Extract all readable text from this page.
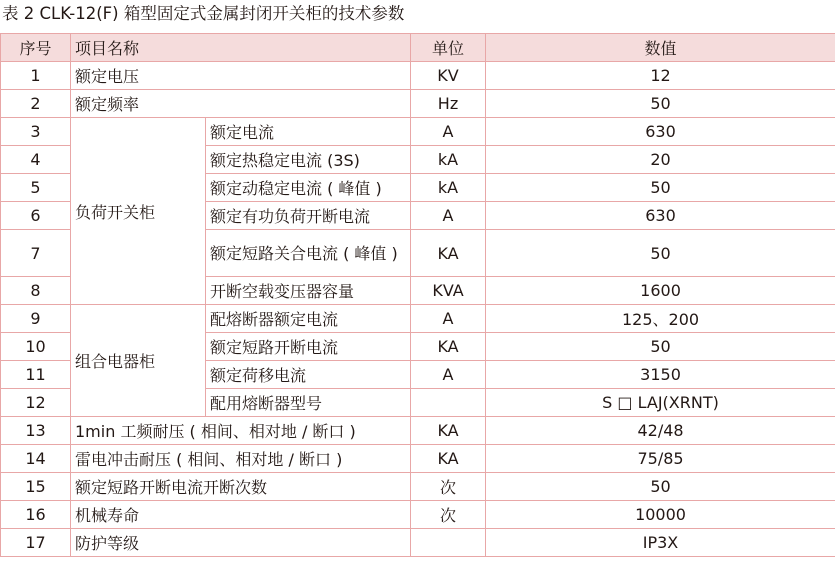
表 2 CLK-12(F) 箱型固定式金属封闭开关柜的技术参数
序号	项目名称		单位	数值
1	额定电压		KV	12
2	额定频率		Hz	50
3	负荷开关柜	额定电流	A	630
4		额定热稳定电流 (3S)	kA	20
5		额定动稳定电流 ( 峰值 )	kA	50
6		额定有功负荷开断电流	A	630
7		额定短路关合电流 ( 峰值 )	KA	50
8		开断空载变压器容量	KVA	1600
9	组合电器柜	配熔断器额定电流	A	125、200
10		额定短路开断电流	KA	50
11		额定荷移电流	A	3150
12		配用熔断器型号		S □ LAJ(XRNT)
13	1min 工频耐压 ( 相间、相对地 / 断口 )		KA	42/48
14	雷电冲击耐压 ( 相间、相对地 / 断口 )		KA	75/85
15	额定短路开断电流开断次数		次	50
16	机械寿命		次	10000
17	防护等级			IP3X
